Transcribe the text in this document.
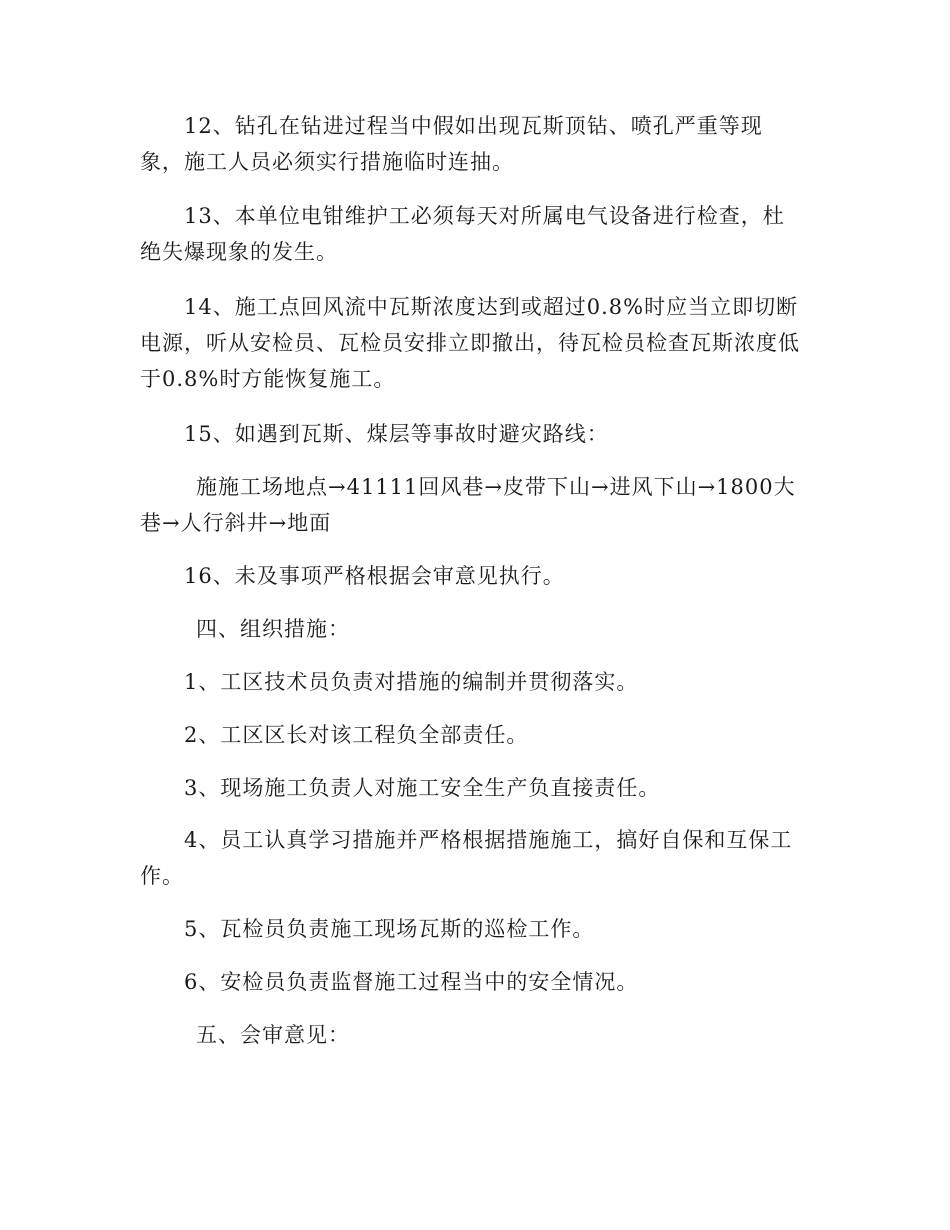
12、钻孔在钻进过程当中假如出现瓦斯顶钻、喷孔严重等现象，施工人员必须实行措施临时连抽。

13、本单位电钳维护工必须每天对所属电气设备进行检查，杜绝失爆现象的发生。

14、施工点回风流中瓦斯浓度达到或超过0.8%时应当立即切断电源，听从安检员、瓦检员安排立即撤出，待瓦检员检查瓦斯浓度低于0.8%时方能恢复施工。

15、如遇到瓦斯、煤层等事故时避灾路线：

施施工场地点→41111回风巷→皮带下山→进风下山→1800大巷→人行斜井→地面

16、未及事项严格根据会审意见执行。

四、组织措施：

1、工区技术员负责对措施的编制并贯彻落实。

2、工区区长对该工程负全部责任。

3、现场施工负责人对施工安全生产负直接责任。

4、员工认真学习措施并严格根据措施施工，搞好自保和互保工作。

5、瓦检员负责施工现场瓦斯的巡检工作。

6、安检员负责监督施工过程当中的安全情况。

五、会审意见：
